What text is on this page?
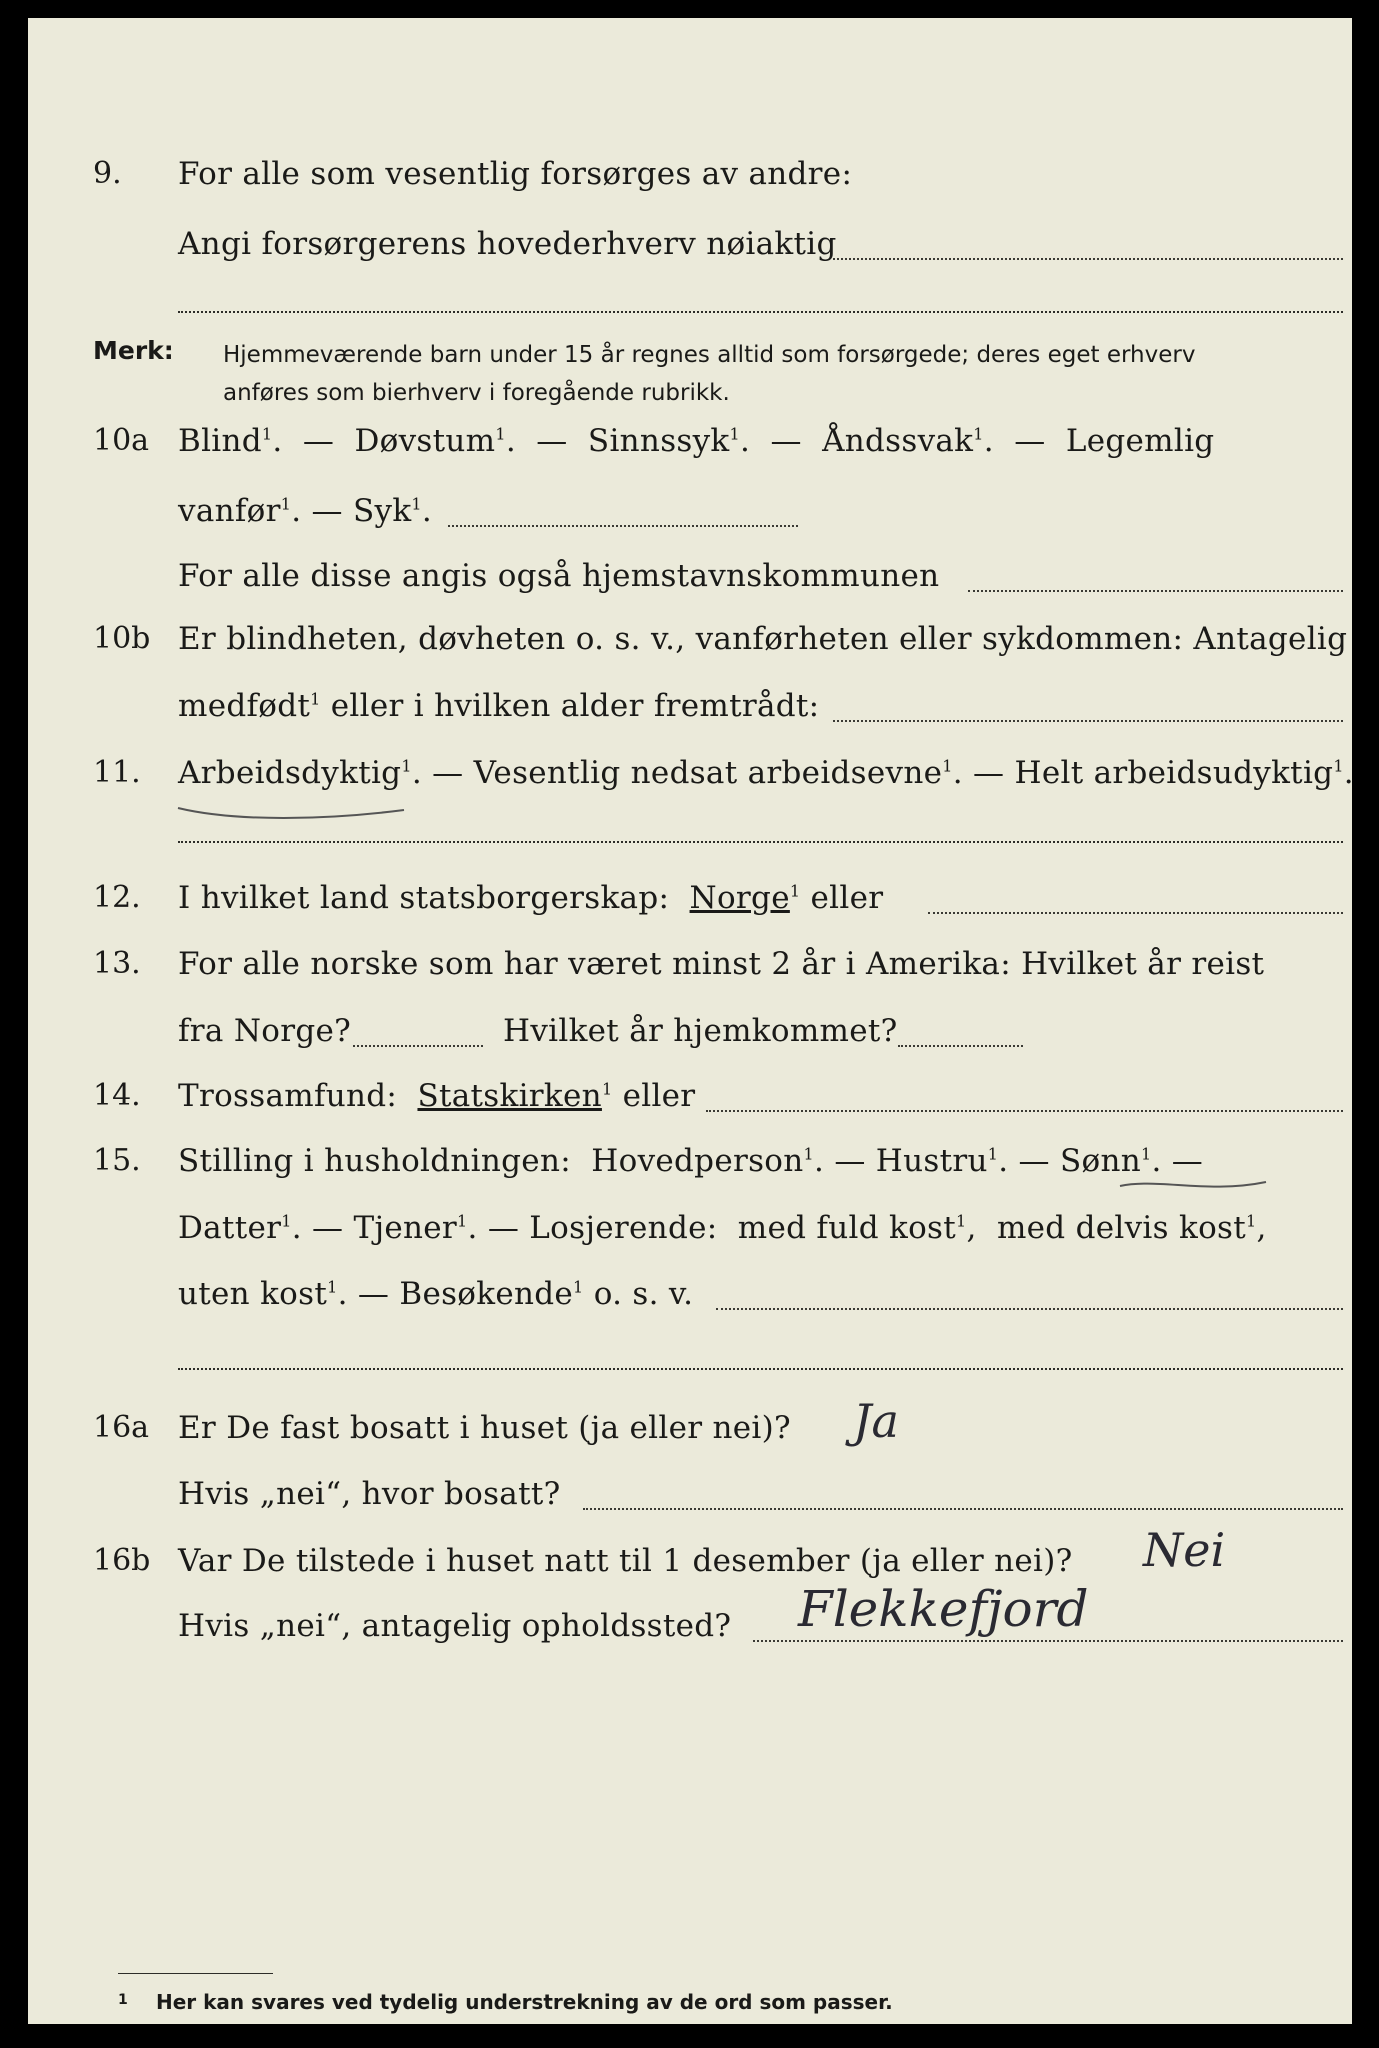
9. For alle som vesentlig forsørges av andre:
Angi forsørgerens hovederhverv nøiaktig
Merk: Hjemmeværende barn under 15 år regnes alltid som forsørgede; deres eget erhverv
anføres som bierhverv i foregående rubrikk.
10a Blind$^1$.  —  Døvstum$^1$.  —  Sinnssyk$^1$.  —  Åndssvak$^1$.  —  Legemlig
vanfør$^1$. — Syk$^1$.
For alle disse angis også hjemstavnskommunen
10b Er blindheten, døvheten o. s. v., vanførheten eller sykdommen: Antagelig
medfødt$^1$ eller i hvilken alder fremtrådt:
11. Arbeidsdyktig$^1$. — Vesentlig nedsat arbeidsevne$^1$. — Helt arbeidsudyktig$^1$.
12. I hvilket land statsborgerskap: Norge$^1$ eller
13. For alle norske som har været minst 2 år i Amerika: Hvilket år reist
fra Norge?	Hvilket år hjemkommet?
14. Trossamfund: Statskirken$^1$ eller
15. Stilling i husholdningen: Hovedperson$^1$. — Hustru$^1$. — Sønn$^1$. —
Datter$^1$. — Tjener$^1$. — Losjerende: med fuld kost$^1$,  med delvis kost$^1$,
uten kost$^1$. — Besøkende$^1$ o. s. v.
16a Er De fast bosatt i huset (ja eller nei)? Ja
Hvis „nei“, hvor bosatt?
16b Var De tilstede i huset natt til 1 desember (ja eller nei)? Nei
Hvis „nei“, antagelig opholdssted? Flekkefjord
1 Her kan svares ved tydelig understrekning av de ord som passer.
